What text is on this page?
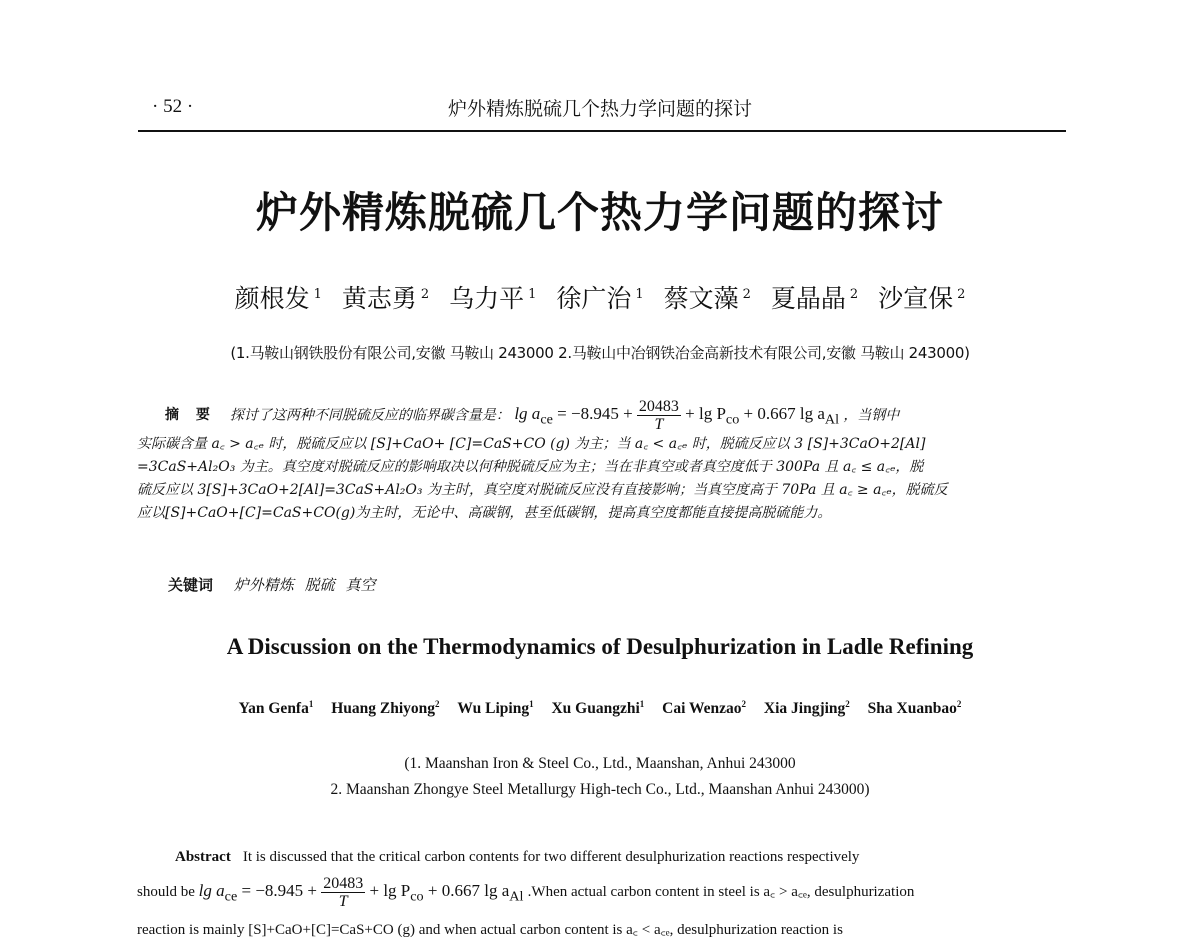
· 52 ·	炉外精炼脱硫几个热力学问题的探讨
炉外精炼脱硫几个热力学问题的探讨
颜根发 $^1$ 黄志勇 $^2$ 乌力平 $^1$ 徐广治 $^1$ 蔡文藻 $^2$ 夏晶晶 $^2$ 沙宣保 $^2$
(1.马鞍山钢铁股份有限公司,安徽 马鞍山 243000 2.马鞍山中冶钢铁冶金高新技术有限公司,安徽 马鞍山 243000)
摘 要 探讨了这两种不同脱硫反应的临界碳含量是： $\lg a_{ce} = -8.945 + \frac{20483}{T} + \lg P_{co} + 0.667$ $\lg a_{Al}$ ，当钢中
实际碳含量 a꜀ > a꜀ₑ 时，脱硫反应以 [S]+CaO+ [C]=CaS+CO (g) 为主；当 a꜀ < a꜀ₑ 时，脱硫反应以 3 [S]+3CaO+2[Al]
=3CaS+Al₂O₃ 为主。真空度对脱硫反应的影响取决以何种脱硫反应为主；当在非真空或者真空度低于 300Pa 且 a꜀ ≤ a꜀ₑ，脱
硫反应以 3[S]+3CaO+2[Al]=3CaS+Al₂O₃ 为主时，真空度对脱硫反应没有直接影响；当真空度高于 70Pa 且 a꜀ ≥ a꜀ₑ，脱硫反
应以[S]+CaO+[C]=CaS+CO(g)为主时，无论中、高碳钢，甚至低碳钢，提高真空度都能直接提高脱硫能力。
关键词 炉外精炼 脱硫 真空
A Discussion on the Thermodynamics of Desulphurization in Ladle Refining
Yan Genfa$^1$ Huang Zhiyong$^2$ Wu Liping$^1$ Xu Guangzhi$^1$ Cai Wenzao$^2$ Xia Jingjing$^2$ Sha Xuanbao$^2$
(1. Maanshan Iron & Steel Co., Ltd., Maanshan, Anhui 243000
2. Maanshan Zhongye Steel Metallurgy High-tech Co., Ltd., Maanshan Anhui 243000)
Abstract It is discussed that the critical carbon contents for two different desulphurization reactions respectively
should be $\lg a_{ce} = -8.945 + \frac{20483}{T} + \lg P_{co} + 0.667$ $\lg a_{Al}$ .When actual carbon content in steel is a꜀ > a꜀ₑ, desulphurization
reaction is mainly [S]+CaO+[C]=CaS+CO (g) and when actual carbon content is a꜀ < a꜀ₑ, desulphurization reaction is
